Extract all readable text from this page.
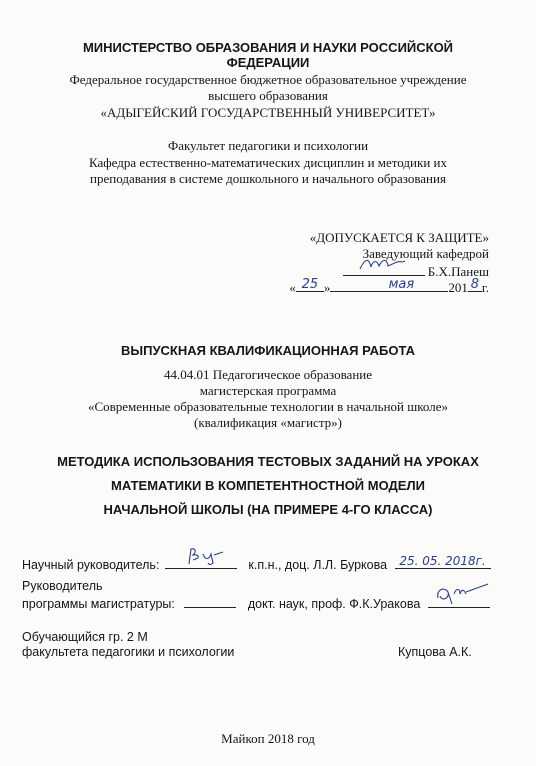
МИНИСТЕРСТВО ОБРАЗОВАНИЯ И НАУКИ РОССИЙСКОЙ
ФЕДЕРАЦИИ
Федеральное государственное бюджетное образовательное учреждение
высшего образования
«АДЫГЕЙСКИЙ ГОСУДАРСТВЕННЫЙ УНИВЕРСИТЕТ»
Факультет педагогики и психологии
Кафедра естественно-математических дисциплин и методики их
преподавания в системе дошкольного и начального образования
«ДОПУСКАЕТСЯ К ЗАЩИТЕ»
Заведующий кафедрой
Б.Х.Панеш
« 25 »	мая	201 8 г.
ВЫПУСКНАЯ КВАЛИФИКАЦИОННАЯ РАБОТА
44.04.01 Педагогическое образование
магистерская программа
«Современные образовательные технологии в начальной школе»
(квалификация «магистр»)
МЕТОДИКА ИСПОЛЬЗОВАНИЯ ТЕСТОВЫХ ЗАДАНИЙ НА УРОКАХ
МАТЕМАТИКИ В КОМПЕТЕНТНОСТНОЙ МОДЕЛИ
НАЧАЛЬНОЙ ШКОЛЫ (НА ПРИМЕРЕ 4-ГО КЛАССА)
Научный руководитель:	к.п.н., доц. Л.Л. Буркова	25. 05. 2018г.
Руководитель
программы магистратуры:	докт. наук, проф. Ф.К.Уракова
Обучающийся гр. 2 М
факультета педагогики и психологии	Купцова А.К.
Майкоп 2018 год
